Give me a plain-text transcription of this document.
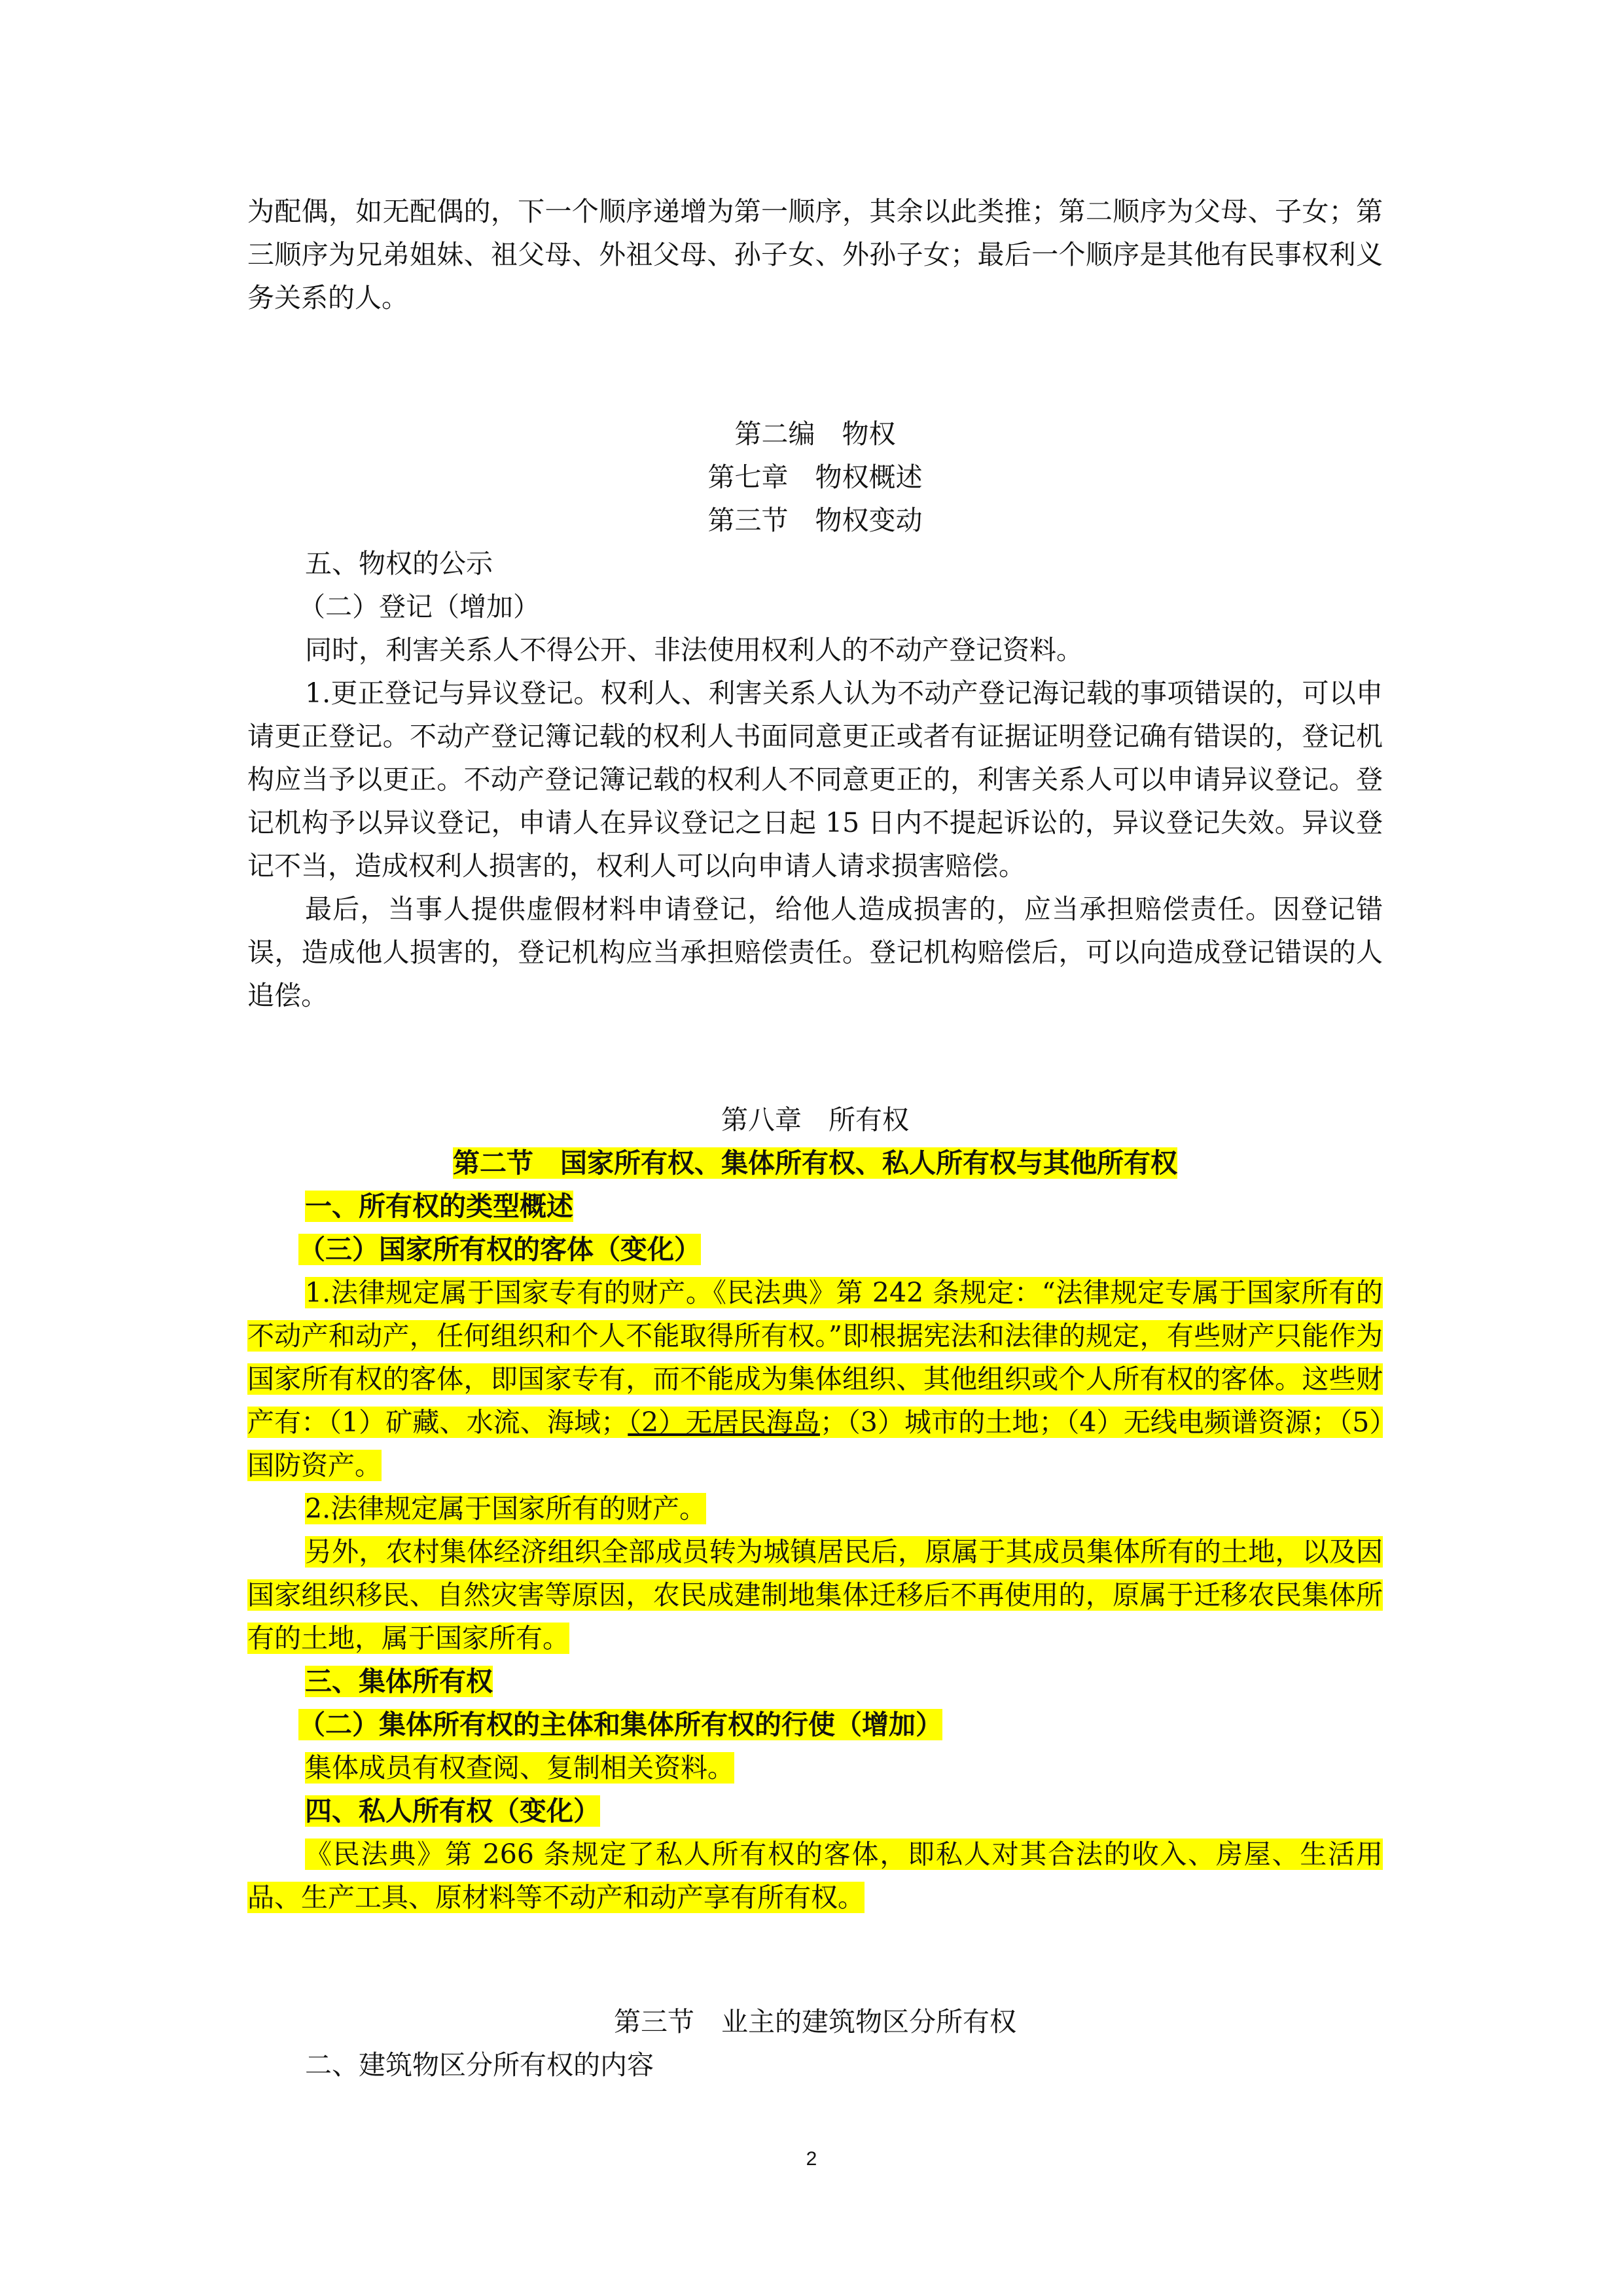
为配偶，如无配偶的，下一个顺序递增为第一顺序，其余以此类推；第二顺序为父母、子女；第三顺序为兄弟姐妹、祖父母、外祖父母、孙子女、外孙子女；最后一个顺序是其他有民事权利义务关系的人。

第二编　物权
第七章　物权概述
第三节　物权变动

五、物权的公示

（二）登记（增加）

同时，利害关系人不得公开、非法使用权利人的不动产登记资料。

1.更正登记与异议登记。权利人、利害关系人认为不动产登记海记载的事项错误的，可以申请更正登记。不动产登记簿记载的权利人书面同意更正或者有证据证明登记确有错误的，登记机构应当予以更正。不动产登记簿记载的权利人不同意更正的，利害关系人可以申请异议登记。登记机构予以异议登记，申请人在异议登记之日起 15 日内不提起诉讼的，异议登记失效。异议登记不当，造成权利人损害的，权利人可以向申请人请求损害赔偿。

最后，当事人提供虚假材料申请登记，给他人造成损害的，应当承担赔偿责任。因登记错误，造成他人损害的，登记机构应当承担赔偿责任。登记机构赔偿后，可以向造成登记错误的人追偿。

第八章　所有权
第二节　国家所有权、集体所有权、私人所有权与其他所有权

一、所有权的类型概述

（三）国家所有权的客体（变化）

1.法律规定属于国家专有的财产。《民法典》第 242 条规定：“法律规定专属于国家所有的不动产和动产，任何组织和个人不能取得所有权。”即根据宪法和法律的规定，有些财产只能作为国家所有权的客体，即国家专有，而不能成为集体组织、其他组织或个人所有权的客体。这些财产有：（1）矿藏、水流、海域；（2）无居民海岛；（3）城市的土地；（4）无线电频谱资源；（5）国防资产。

2.法律规定属于国家所有的财产。

另外，农村集体经济组织全部成员转为城镇居民后，原属于其成员集体所有的土地，以及因国家组织移民、自然灾害等原因，农民成建制地集体迁移后不再使用的，原属于迁移农民集体所有的土地，属于国家所有。

三、集体所有权

（二）集体所有权的主体和集体所有权的行使（增加）

集体成员有权查阅、复制相关资料。

四、私人所有权（变化）

《民法典》第 266 条规定了私人所有权的客体，即私人对其合法的收入、房屋、生活用品、生产工具、原材料等不动产和动产享有所有权。

第三节　业主的建筑物区分所有权

二、建筑物区分所有权的内容

2
